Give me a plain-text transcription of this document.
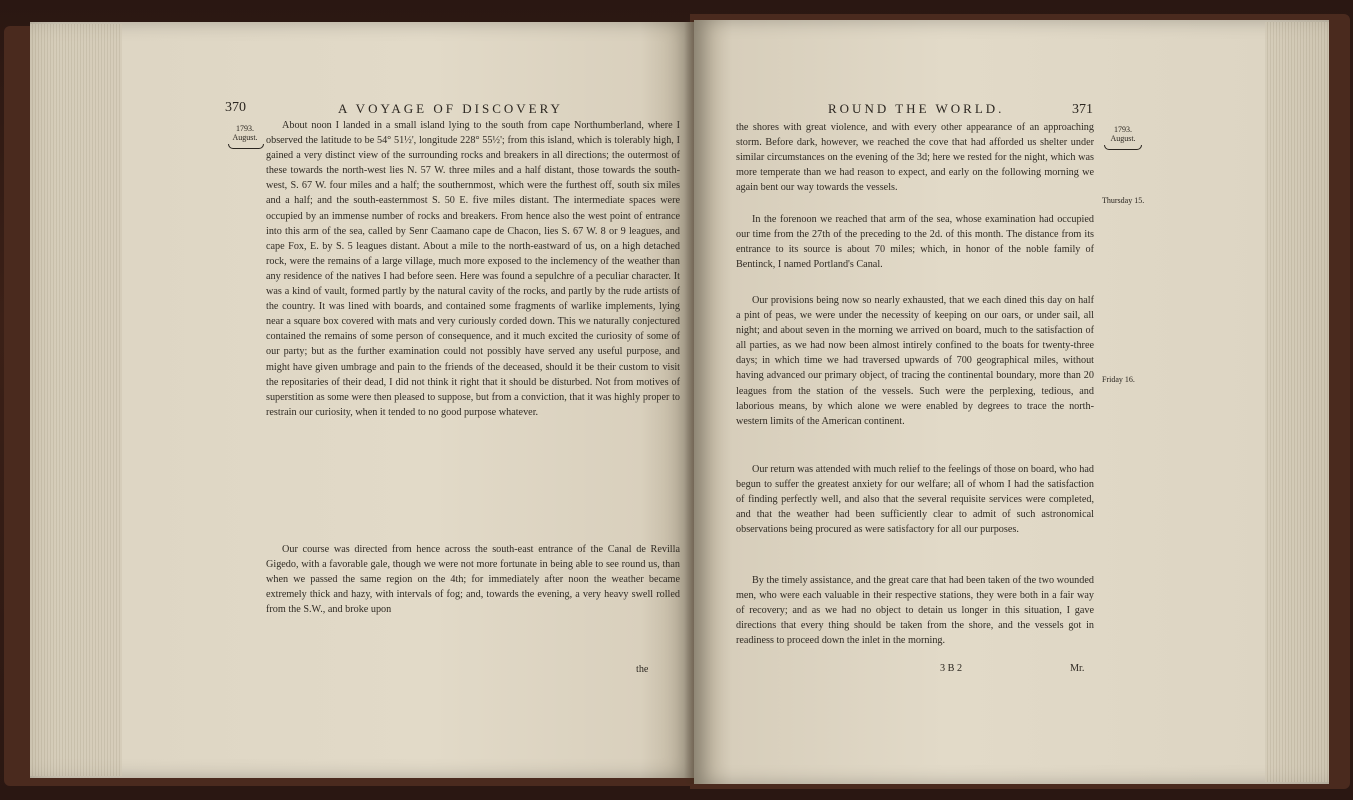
370	A VOYAGE OF DISCOVERY
1793.
August.
About noon I landed in a small island lying to the south from cape Northumberland, where I observed the latitude to be 54° 51½', longitude 228° 55½'; from this island, which is tolerably high, I gained a very distinct view of the surrounding rocks and breakers in all directions; the outermost of these towards the north-west lies N. 57 W. three miles and a half distant, those towards the south-west, S. 67 W. four miles and a half; the southernmost, which were the furthest off, south six miles and a half; and the south-easternmost S. 50 E. five miles distant. The intermediate spaces were occupied by an immense number of rocks and breakers. From hence also the west point of entrance into this arm of the sea, called by Senr Caamano cape de Chacon, lies S. 67 W. 8 or 9 leagues, and cape Fox, E. by S. 5 leagues distant. About a mile to the north-eastward of us, on a high detached rock, were the remains of a large village, much more exposed to the inclemency of the weather than any residence of the natives I had before seen. Here was found a sepulchre of a peculiar character. It was a kind of vault, formed partly by the natural cavity of the rocks, and partly by the rude artists of the country. It was lined with boards, and contained some fragments of warlike implements, lying near a square box covered with mats and very curiously corded down. This we naturally conjectured contained the remains of some person of consequence, and it much excited the curiosity of some of our party; but as the further examination could not possibly have served any useful purpose, and might have given umbrage and pain to the friends of the deceased, should it be their custom to visit the repositaries of their dead, I did not think it right that it should be disturbed. Not from motives of superstition as some were then pleased to suppose, but from a conviction, that it was highly proper to restrain our curiosity, when it tended to no good purpose whatever.
Our course was directed from hence across the south-east entrance of the Canal de Revilla Gigedo, with a favorable gale, though we were not more fortunate in being able to see round us, than when we passed the same region on the 4th; for immediately after noon the weather became extremely thick and hazy, with intervals of fog; and, towards the evening, a very heavy swell rolled from the S.W., and broke upon
the
ROUND THE WORLD.	371
1793.
August.
Thursday 15.
Friday 16.
the shores with great violence, and with every other appearance of an approaching storm. Before dark, however, we reached the cove that had afforded us shelter under similar circumstances on the evening of the 3d; here we rested for the night, which was more temperate than we had reason to expect, and early on the following morning we again bent our way towards the vessels.
In the forenoon we reached that arm of the sea, whose examination had occupied our time from the 27th of the preceding to the 2d. of this month. The distance from its entrance to its source is about 70 miles; which, in honor of the noble family of Bentinck, I named Portland's Canal.
Our provisions being now so nearly exhausted, that we each dined this day on half a pint of peas, we were under the necessity of keeping on our oars, or under sail, all night; and about seven in the morning we arrived on board, much to the satisfaction of all parties, as we had now been almost intirely confined to the boats for twenty-three days; in which time we had traversed upwards of 700 geographical miles, without having advanced our primary object, of tracing the continental boundary, more than 20 leagues from the station of the vessels. Such were the perplexing, tedious, and laborious means, by which alone we were enabled by degrees to trace the north-western limits of the American continent.
Our return was attended with much relief to the feelings of those on board, who had begun to suffer the greatest anxiety for our welfare; all of whom I had the satisfaction of finding perfectly well, and also that the several requisite services were completed, and that the weather had been sufficiently clear to admit of such astronomical observations being procured as were satisfactory for all our purposes.
By the timely assistance, and the great care that had been taken of the two wounded men, who were each valuable in their respective stations, they were both in a fair way of recovery; and as we had no object to detain us longer in this situation, I gave directions that every thing should be taken from the shore, and the vessels got in readiness to proceed down the inlet in the morning.
3 B 2	Mr.
